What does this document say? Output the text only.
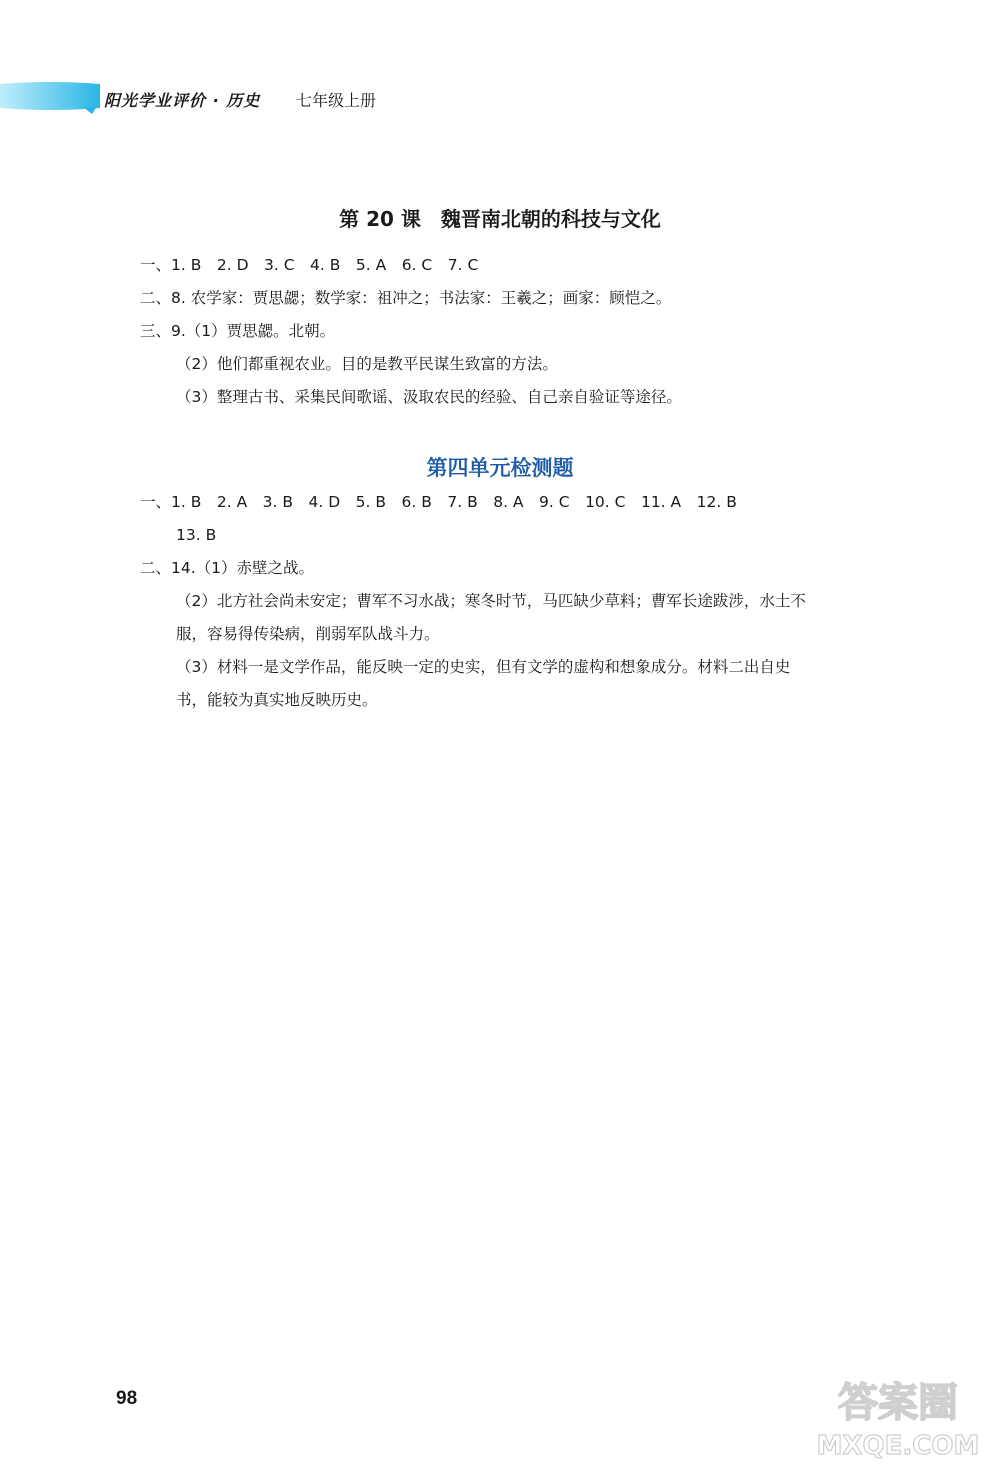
阳光学业评价 · 历史 七年级上册
第 20 课　魏晋南北朝的科技与文化
一、1. B　2. D　3. C　4. B　5. A　6. C　7. C
二、8. 农学家：贾思勰；数学家：祖冲之；书法家：王羲之；画家：顾恺之。
三、9.（1）贾思勰。北朝。
（2）他们都重视农业。目的是教平民谋生致富的方法。
（3）整理古书、采集民间歌谣、汲取农民的经验、自己亲自验证等途径。
第四单元检测题
一、1. B　2. A　3. B　4. D　5. B　6. B　7. B　8. A　9. C　10. C　11. A　12. B
13. B
二、14.（1）赤壁之战。
（2）北方社会尚未安定；曹军不习水战；寒冬时节，马匹缺少草料；曹军长途跋涉，水土不
服，容易得传染病，削弱军队战斗力。
（3）材料一是文学作品，能反映一定的史实，但有文学的虚构和想象成分。材料二出自史
书，能较为真实地反映历史。
98	答案圈
MXQE.COM
